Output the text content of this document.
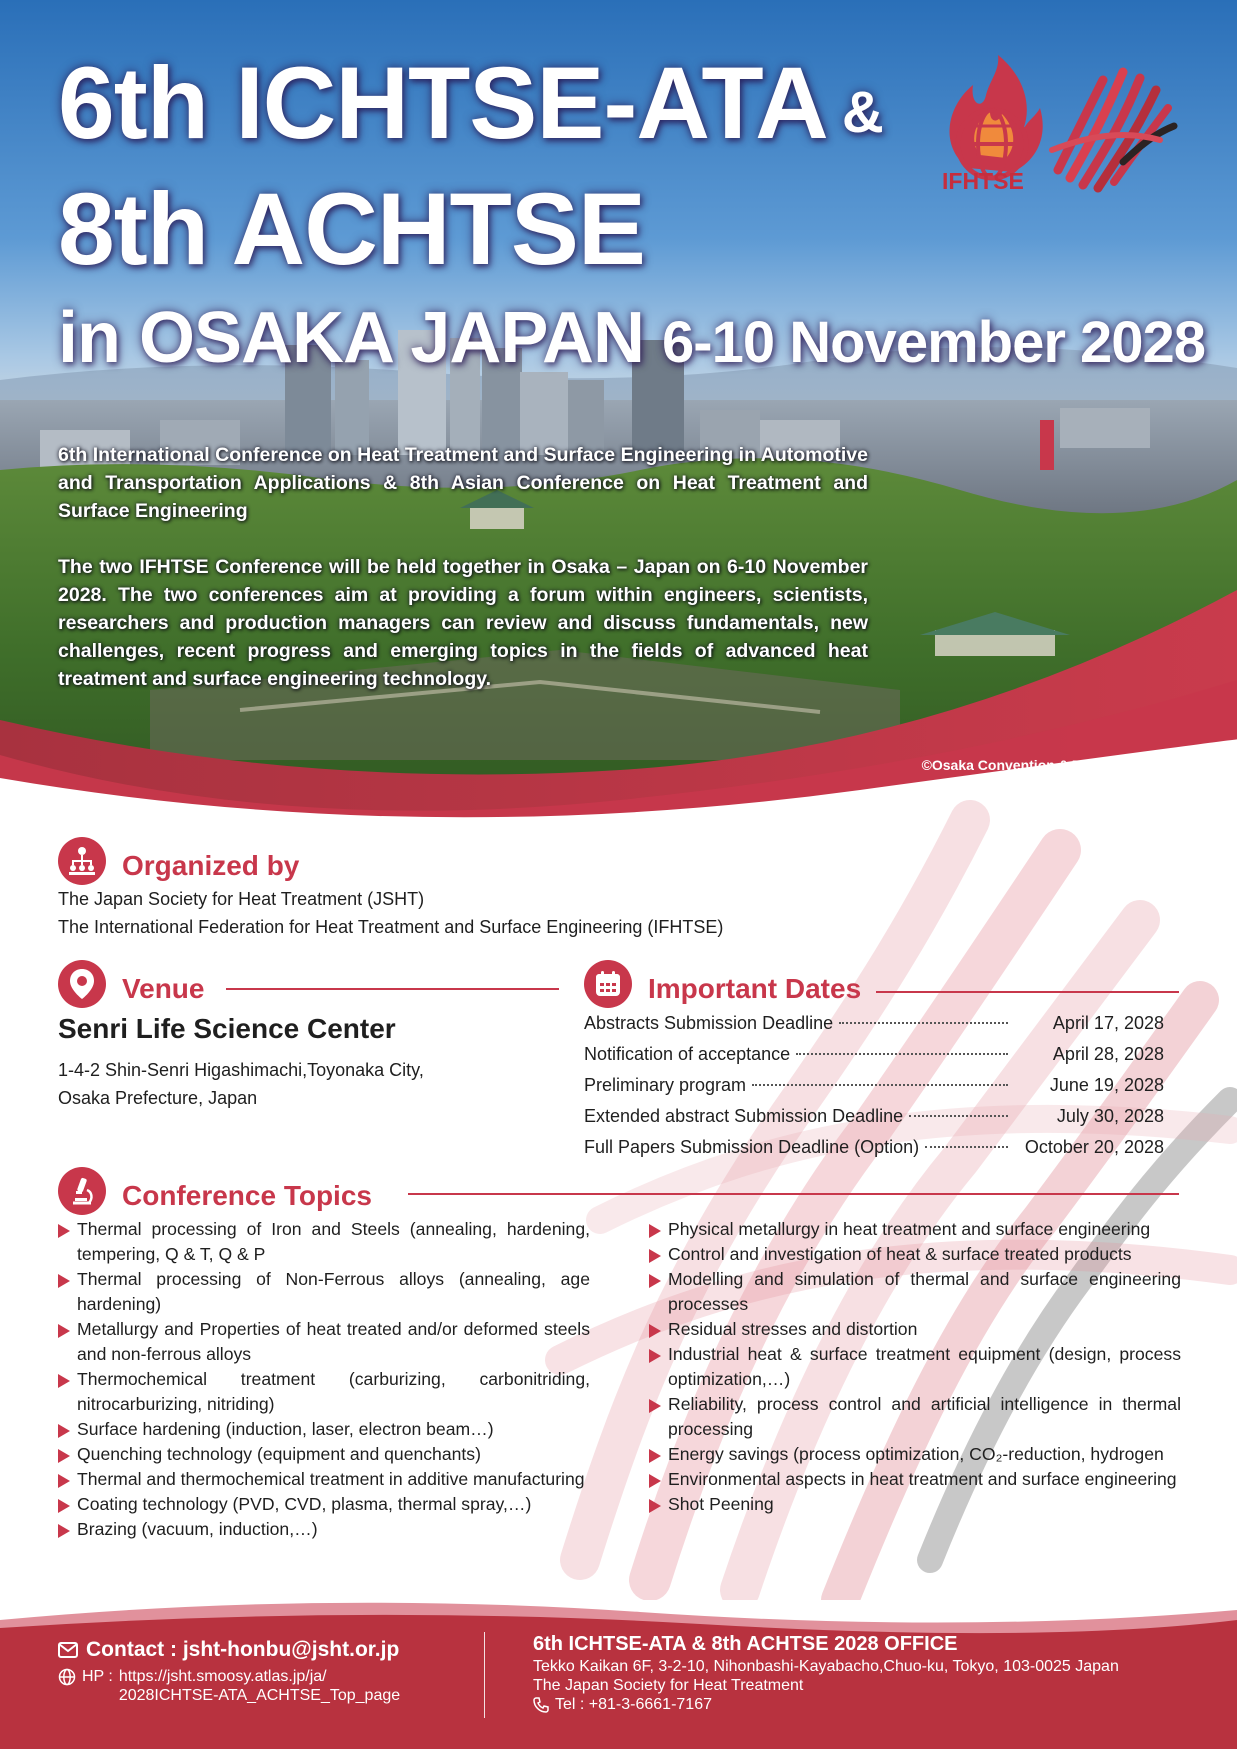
6th ICHTSE-ATA &
8th ACHTSE
in OSAKA JAPAN 6-10 November 2028
IFHTSE

6th International Conference on Heat Treatment and Surface Engineering in Automotive and Transportation Applications & 8th Asian Conference on Heat Treatment and Surface Engineering

The two IFHTSE Conference will be held together in Osaka – Japan on 6-10 November 2028. The two conferences aim at providing a forum within engineers, scientists, researchers and production managers can review and discuss fundamentals, new challenges, recent progress and emerging topics in the fields of advanced heat treatment and surface engineering technology.

©Osaka Convention & Tourism Bureau
Organized by
The Japan Society for Heat Treatment (JSHT)
The International Federation for Heat Treatment and Surface Engineering (IFHTSE)
Venue
Senri Life Science Center
1-4-2 Shin-Senri Higashimachi,Toyonaka City,
Osaka Prefecture, Japan
Important Dates
Abstracts Submission Deadline	April 17, 2028
Notification of acceptance	April 28, 2028
Preliminary program	June 19, 2028
Extended abstract Submission Deadline	July 30, 2028
Full Papers Submission Deadline (Option)	October 20, 2028
Conference Topics
Thermal processing of Iron and Steels (annealing, hardening, tempering, Q & T, Q & P
Thermal processing of Non-Ferrous alloys (annealing, age hardening)
Metallurgy and Properties of heat treated and/or deformed steels and non-ferrous alloys
Thermochemical treatment (carburizing, carbonitriding, nitrocarburizing, nitriding)
Surface hardening (induction, laser, electron beam…)
Quenching technology (equipment and quenchants)
Thermal and thermochemical treatment in additive manufacturing
Coating technology (PVD, CVD, plasma, thermal spray,…)
Brazing (vacuum, induction,…)
Physical metallurgy in heat treatment and surface engineering
Control and investigation of heat & surface treated products
Modelling and simulation of thermal and surface engineering processes
Residual stresses and distortion
Industrial heat & surface treatment equipment (design, process optimization,…)
Reliability, process control and artificial intelligence in thermal processing
Energy savings (process optimization, CO₂-reduction, hydrogen
Environmental aspects in heat treatment and surface engineering
Shot Peening
Contact : jsht-honbu@jsht.or.jp
HP : https://jsht.smoosy.atlas.jp/ja/
2028ICHTSE-ATA_ACHTSE_Top_page
6th ICHTSE-ATA & 8th ACHTSE 2028 OFFICE
Tekko Kaikan 6F, 3-2-10, Nihonbashi-Kayabacho,Chuo-ku, Tokyo, 103-0025 Japan
The Japan Society for Heat Treatment
Tel : +81-3-6661-7167
